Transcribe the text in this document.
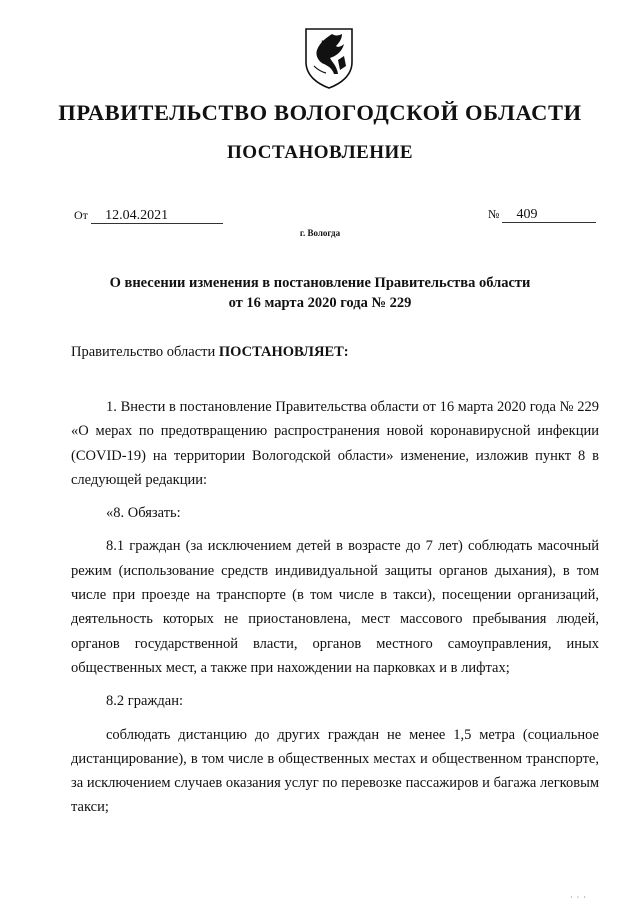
ПРАВИТЕЛЬСТВО ВОЛОГОДСКОЙ ОБЛАСТИ
ПОСТАНОВЛЕНИЕ
От 12.04.2021	№ 409
г. Вологда
О внесении изменения в постановление Правительства области
от 16 марта 2020 года № 229
Правительство области ПОСТАНОВЛЯЕТ:

1. Внести в постановление Правительства области от 16 марта 2020 года № 229 «О мерах по предотвращению распространения новой коронавирусной инфекции (COVID-19) на территории Вологодской области» изменение, изложив пункт 8 в следующей редакции:

«8. Обязать:

8.1 граждан (за исключением детей в возрасте до 7 лет) соблюдать масочный режим (использование средств индивидуальной защиты органов дыхания), в том числе при проезде на транспорте (в том числе в такси), посещении организаций, деятельность которых не приостановлена, мест массового пребывания людей, органов государственной власти, органов местного самоуправления, иных общественных мест, а также при нахождении на парковках и в лифтах;

8.2 граждан:

соблюдать дистанцию до других граждан не менее 1,5 метра (социальное дистанцирование), в том числе в общественных местах и общественном транспорте, за исключением случаев оказания услуг по перевозке пассажиров и багажа легковым такси;

· · ·
